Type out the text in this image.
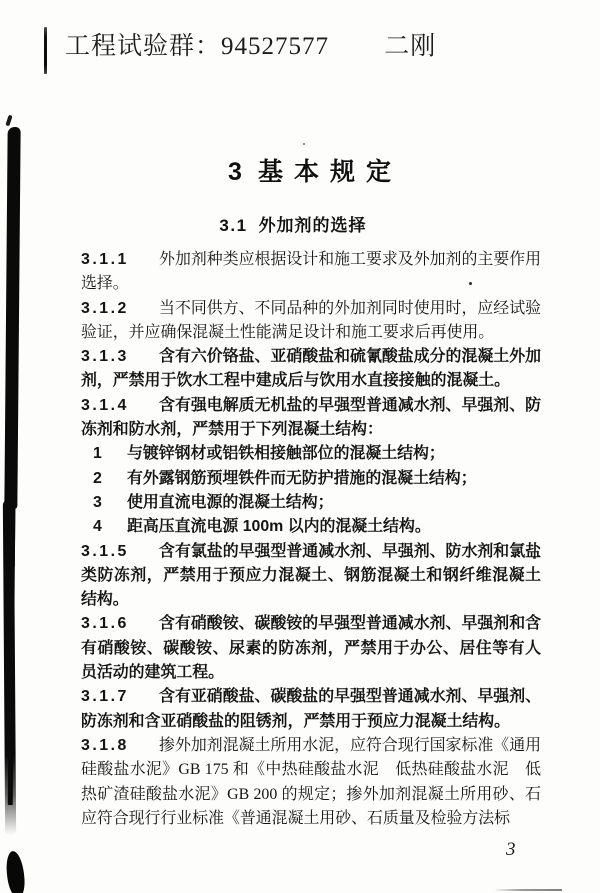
工程试验群：94527577 二刚
3 基本规定
3.1 外加剂的选择

3.1.1 外加剂种类应根据设计和施工要求及外加剂的主要作用选择。

3.1.2 当不同供方、不同品种的外加剂同时使用时，应经试验验证，并应确保混凝土性能满足设计和施工要求后再使用。

3.1.3 含有六价铬盐、亚硝酸盐和硫氰酸盐成分的混凝土外加剂，严禁用于饮水工程中建成后与饮用水直接接触的混凝土。

3.1.4 含有强电解质无机盐的早强型普通减水剂、早强剂、防冻剂和防水剂，严禁用于下列混凝土结构：

1 与镀锌钢材或铝铁相接触部位的混凝土结构；

2 有外露钢筋预埋铁件而无防护措施的混凝土结构；

3 使用直流电源的混凝土结构；

4 距高压直流电源 100m 以内的混凝土结构。

3.1.5 含有氯盐的早强型普通减水剂、早强剂、防水剂和氯盐类防冻剂，严禁用于预应力混凝土、钢筋混凝土和钢纤维混凝土结构。

3.1.6 含有硝酸铵、碳酸铵的早强型普通减水剂、早强剂和含有硝酸铵、碳酸铵、尿素的防冻剂，严禁用于办公、居住等有人员活动的建筑工程。

3.1.7 含有亚硝酸盐、碳酸盐的早强型普通减水剂、早强剂、防冻剂和含亚硝酸盐的阻锈剂，严禁用于预应力混凝土结构。

3.1.8 掺外加剂混凝土所用水泥，应符合现行国家标准《通用硅酸盐水泥》GB 175 和《中热硅酸盐水泥　低热硅酸盐水泥　低热矿渣硅酸盐水泥》GB 200 的规定；掺外加剂混凝土所用砂、石应符合现行行业标准《普通混凝土用砂、石质量及检验方法标

3
